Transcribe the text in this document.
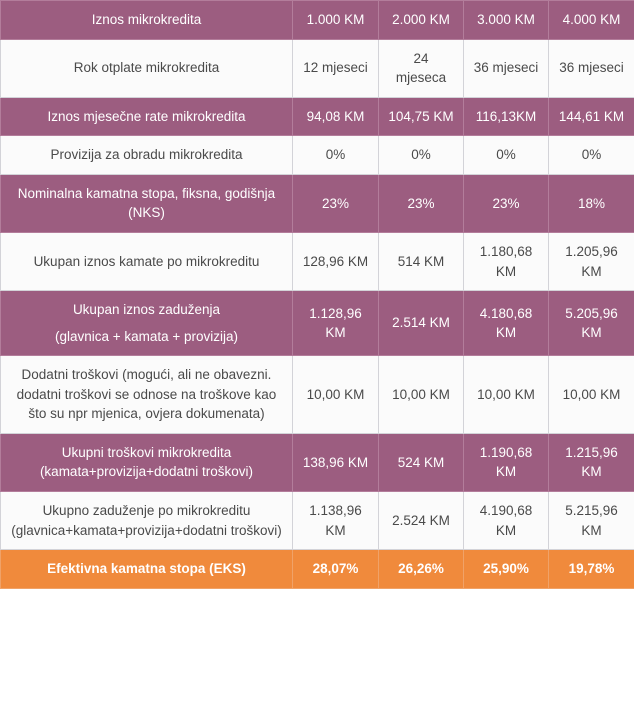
Iznos mikrokredita	1.000 KM	2.000 KM	3.000 KM	4.000 KM
Rok otplate mikrokredita	12 mjeseci	24 mjeseca	36 mjeseci	36 mjeseci
Iznos mjesečne rate mikrokredita	94,08 KM	104,75 KM	116,13KM	144,61 KM
Provizija za obradu mikrokredita	0%	0%	0%	0%
Nominalna kamatna stopa, fiksna, godišnja (NKS)	23%	23%	23%	18%
Ukupan iznos kamate po mikrokreditu	128,96 KM	514 KM	1.180,68 KM	1.205,96 KM
Ukupan iznos zaduženja
(glavnica + kamata + provizija)	1.128,96 KM	2.514 KM	4.180,68 KM	5.205,96 KM
Dodatni troškovi (mogući, ali ne obavezni. dodatni troškovi se odnose na troškove kao što su npr mjenica, ovjera dokumenata)	10,00 KM	10,00 KM	10,00 KM	10,00 KM
Ukupni troškovi mikrokredita (kamata+provizija+dodatni troškovi)	138,96 KM	524 KM	1.190,68 KM	1.215,96 KM
Ukupno zaduženje po mikrokreditu (glavnica+kamata+provizija+dodatni troškovi)	1.138,96 KM	2.524 KM	4.190,68 KM	5.215,96 KM
Efektivna kamatna stopa (EKS)	28,07%	26,26%	25,90%	19,78%
